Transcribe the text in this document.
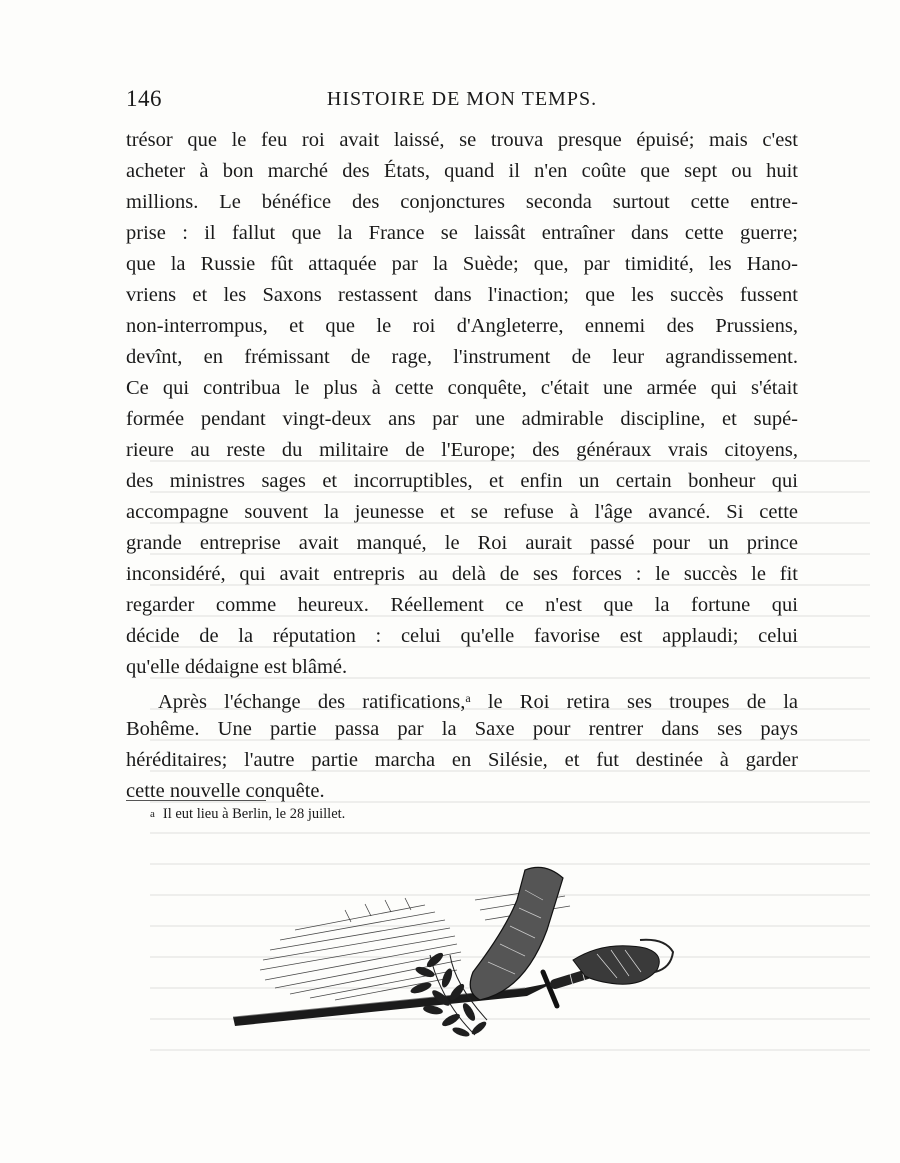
146	HISTOIRE DE MON TEMPS.
trésor que le feu roi avait laissé, se trouva presque épuisé; mais c'est
acheter à bon marché des États, quand il n'en coûte que sept ou huit
millions. Le bénéfice des conjonctures seconda surtout cette entre-
prise : il fallut que la France se laissât entraîner dans cette guerre;
que la Russie fût attaquée par la Suède; que, par timidité, les Hano-
vriens et les Saxons restassent dans l'inaction; que les succès fussent
non-interrompus, et que le roi d'Angleterre, ennemi des Prussiens,
devînt, en frémissant de rage, l'instrument de leur agrandissement.
Ce qui contribua le plus à cette conquête, c'était une armée qui s'était
formée pendant vingt-deux ans par une admirable discipline, et supé-
rieure au reste du militaire de l'Europe; des généraux vrais citoyens,
des ministres sages et incorruptibles, et enfin un certain bonheur qui
accompagne souvent la jeunesse et se refuse à l'âge avancé. Si cette
grande entreprise avait manqué, le Roi aurait passé pour un prince
inconsidéré, qui avait entrepris au delà de ses forces : le succès le fit
regarder comme heureux. Réellement ce n'est que la fortune qui
décide de la réputation : celui qu'elle favorise est applaudi; celui
qu'elle dédaigne est blâmé.
Après l'échange des ratifications,$^a$ le Roi retira ses troupes de la
Bohême. Une partie passa par la Saxe pour rentrer dans ses pays
héréditaires; l'autre partie marcha en Silésie, et fut destinée à garder
cette nouvelle conquête.
a Il eut lieu à Berlin, le 28 juillet.
